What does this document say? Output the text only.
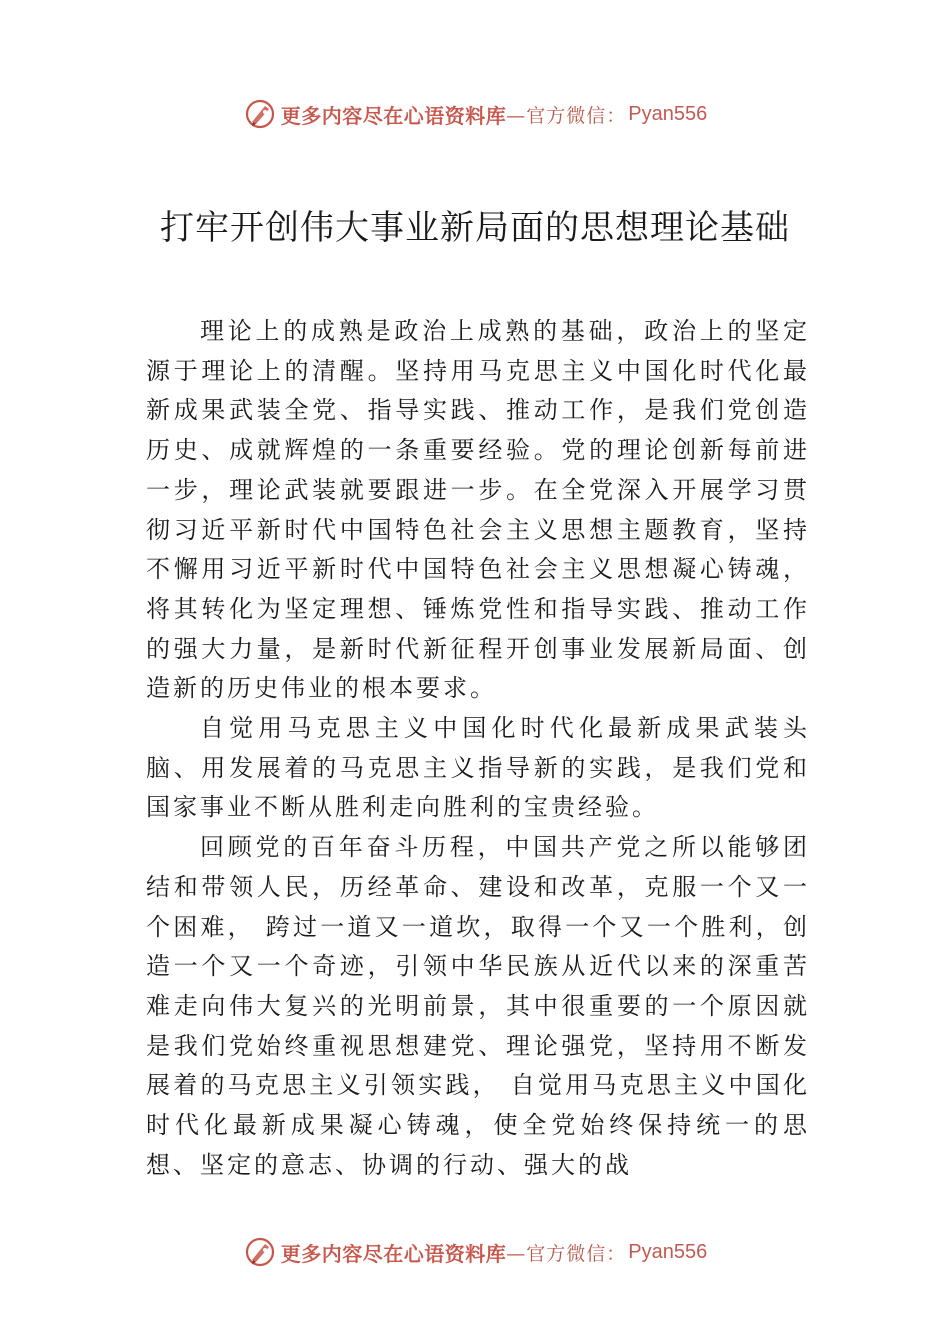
更多内容尽在心语资料库 —官方微信： Pyan556
打牢开创伟大事业新局面的思想理论基础

理论上的成熟是政治上成熟的基础，政治上的坚定源于理论上的清醒。坚持用马克思主义中国化时代化最新成果武装全党、指导实践、推动工作，是我们党创造历史、成就辉煌的一条重要经验。党的理论创新每前进一步，理论武装就要跟进一步。在全党深入开展学习贯彻习近平新时代中国特色社会主义思想主题教育，坚持不懈用习近平新时代中国特色社会主义思想凝心铸魂，将其转化为坚定理想、锤炼党性和指导实践、推动工作的强大力量，是新时代新征程开创事业发展新局面、创造新的历史伟业的根本要求。

自觉用马克思主义中国化时代化最新成果武装头脑、用发展着的马克思主义指导新的实践，是我们党和国家事业不断从胜利走向胜利的宝贵经验。

回顾党的百年奋斗历程，中国共产党之所以能够团结和带领人民，历经革命、建设和改革，克服一个又一个困难， 跨过一道又一道坎，取得一个又一个胜利，创造一个又一个奇迹，引领中华民族从近代以来的深重苦难走向伟大复兴的光明前景，其中很重要的一个原因就是我们党始终重视思想建党、理论强党，坚持用不断发展着的马克思主义引领实践， 自觉用马克思主义中国化时代化最新成果凝心铸魂，使全党始终保持统一的思想、坚定的意志、协调的行动、强大的战

更多内容尽在心语资料库 —官方微信： Pyan556
